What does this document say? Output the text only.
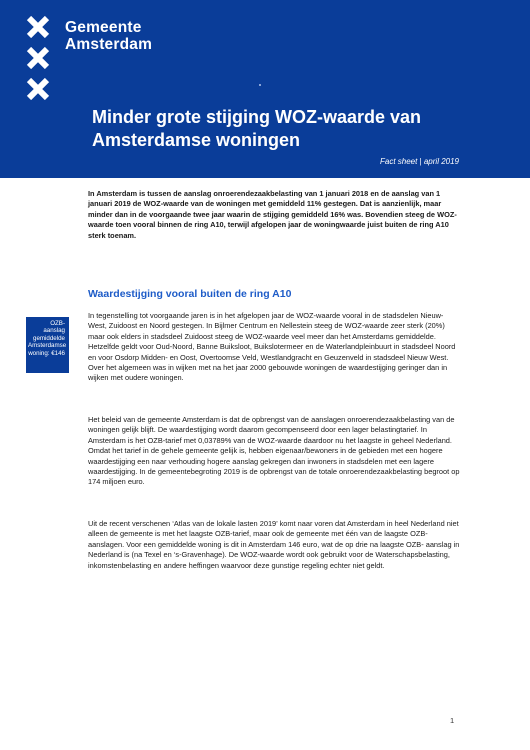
Gemeente
Amsterdam
Minder grote stijging WOZ-waarde van Amsterdamse woningen
Fact sheet | april 2019

In Amsterdam is tussen de aanslag onroerendezaakbelasting van 1 januari 2018 en de aanslag van 1 januari 2019 de WOZ-waarde van de woningen met gemiddeld 11% gestegen. Dat is aanzienlijk, maar minder dan in de voorgaande twee jaar waarin de stijging gemiddeld 16% was. Bovendien steeg de WOZ-waarde toen vooral binnen de ring A10, terwijl afgelopen jaar de woningwaarde juist buiten de ring A10 sterk toenam.

Waardestijging vooral buiten de ring A10
OZB- aanslag gemiddelde Amsterdamse woning: €146

In tegenstelling tot voorgaande jaren is in het afgelopen jaar de WOZ-waarde vooral in de stadsdelen Nieuw-West, Zuidoost en Noord gestegen. In Bijlmer Centrum en Nellestein steeg de WOZ-waarde zeer sterk (20%) maar ook elders in stadsdeel Zuidoost steeg de WOZ-waarde veel meer dan het Amsterdams gemiddelde. Hetzelfde geldt voor Oud-Noord, Banne Buiksloot, Buikslotermeer en de Waterlandpleinbuurt in stadsdeel Noord en voor Osdorp Midden- en Oost, Overtoomse Veld, Westlandgracht en Geuzenveld in stadsdeel Nieuw West. Over het algemeen was in wijken met na het jaar 2000 gebouwde woningen de waardestijging geringer dan in wijken met oudere woningen.

Het beleid van de gemeente Amsterdam is dat de opbrengst van de aanslagen onroerendezaakbelasting van de woningen gelijk blijft. De waardestijging wordt daarom gecompenseerd door een lager belastingtarief. In Amsterdam is het OZB-tarief met 0,03789% van de WOZ-waarde daardoor nu het laagste in geheel Nederland. Omdat het tarief in de gehele gemeente gelijk is, hebben eigenaar/bewoners in de gebieden met een hogere waardestijging een naar verhouding hogere aanslag gekregen dan inwoners in stadsdelen met een lagere waardestijging. In de gemeentebegroting 2019 is de opbrengst van de totale onroerendezaakbelasting begroot op 174 miljoen euro.

Uit de recent verschenen ‘Atlas van de lokale lasten 2019’ komt naar voren dat Amsterdam in heel Nederland niet alleen de gemeente is met het laagste OZB-tarief, maar ook de gemeente met één van de laagste OZB-aanslagen. Voor een gemiddelde woning is dit in Amsterdam 146 euro, wat de op drie na laagste OZB- aanslag in Nederland is (na Texel en ‘s-Gravenhage). De WOZ-waarde wordt ook gebruikt voor de Waterschapsbelasting, inkomstenbelasting en andere heffingen waarvoor deze gunstige regeling echter niet geldt.

1
